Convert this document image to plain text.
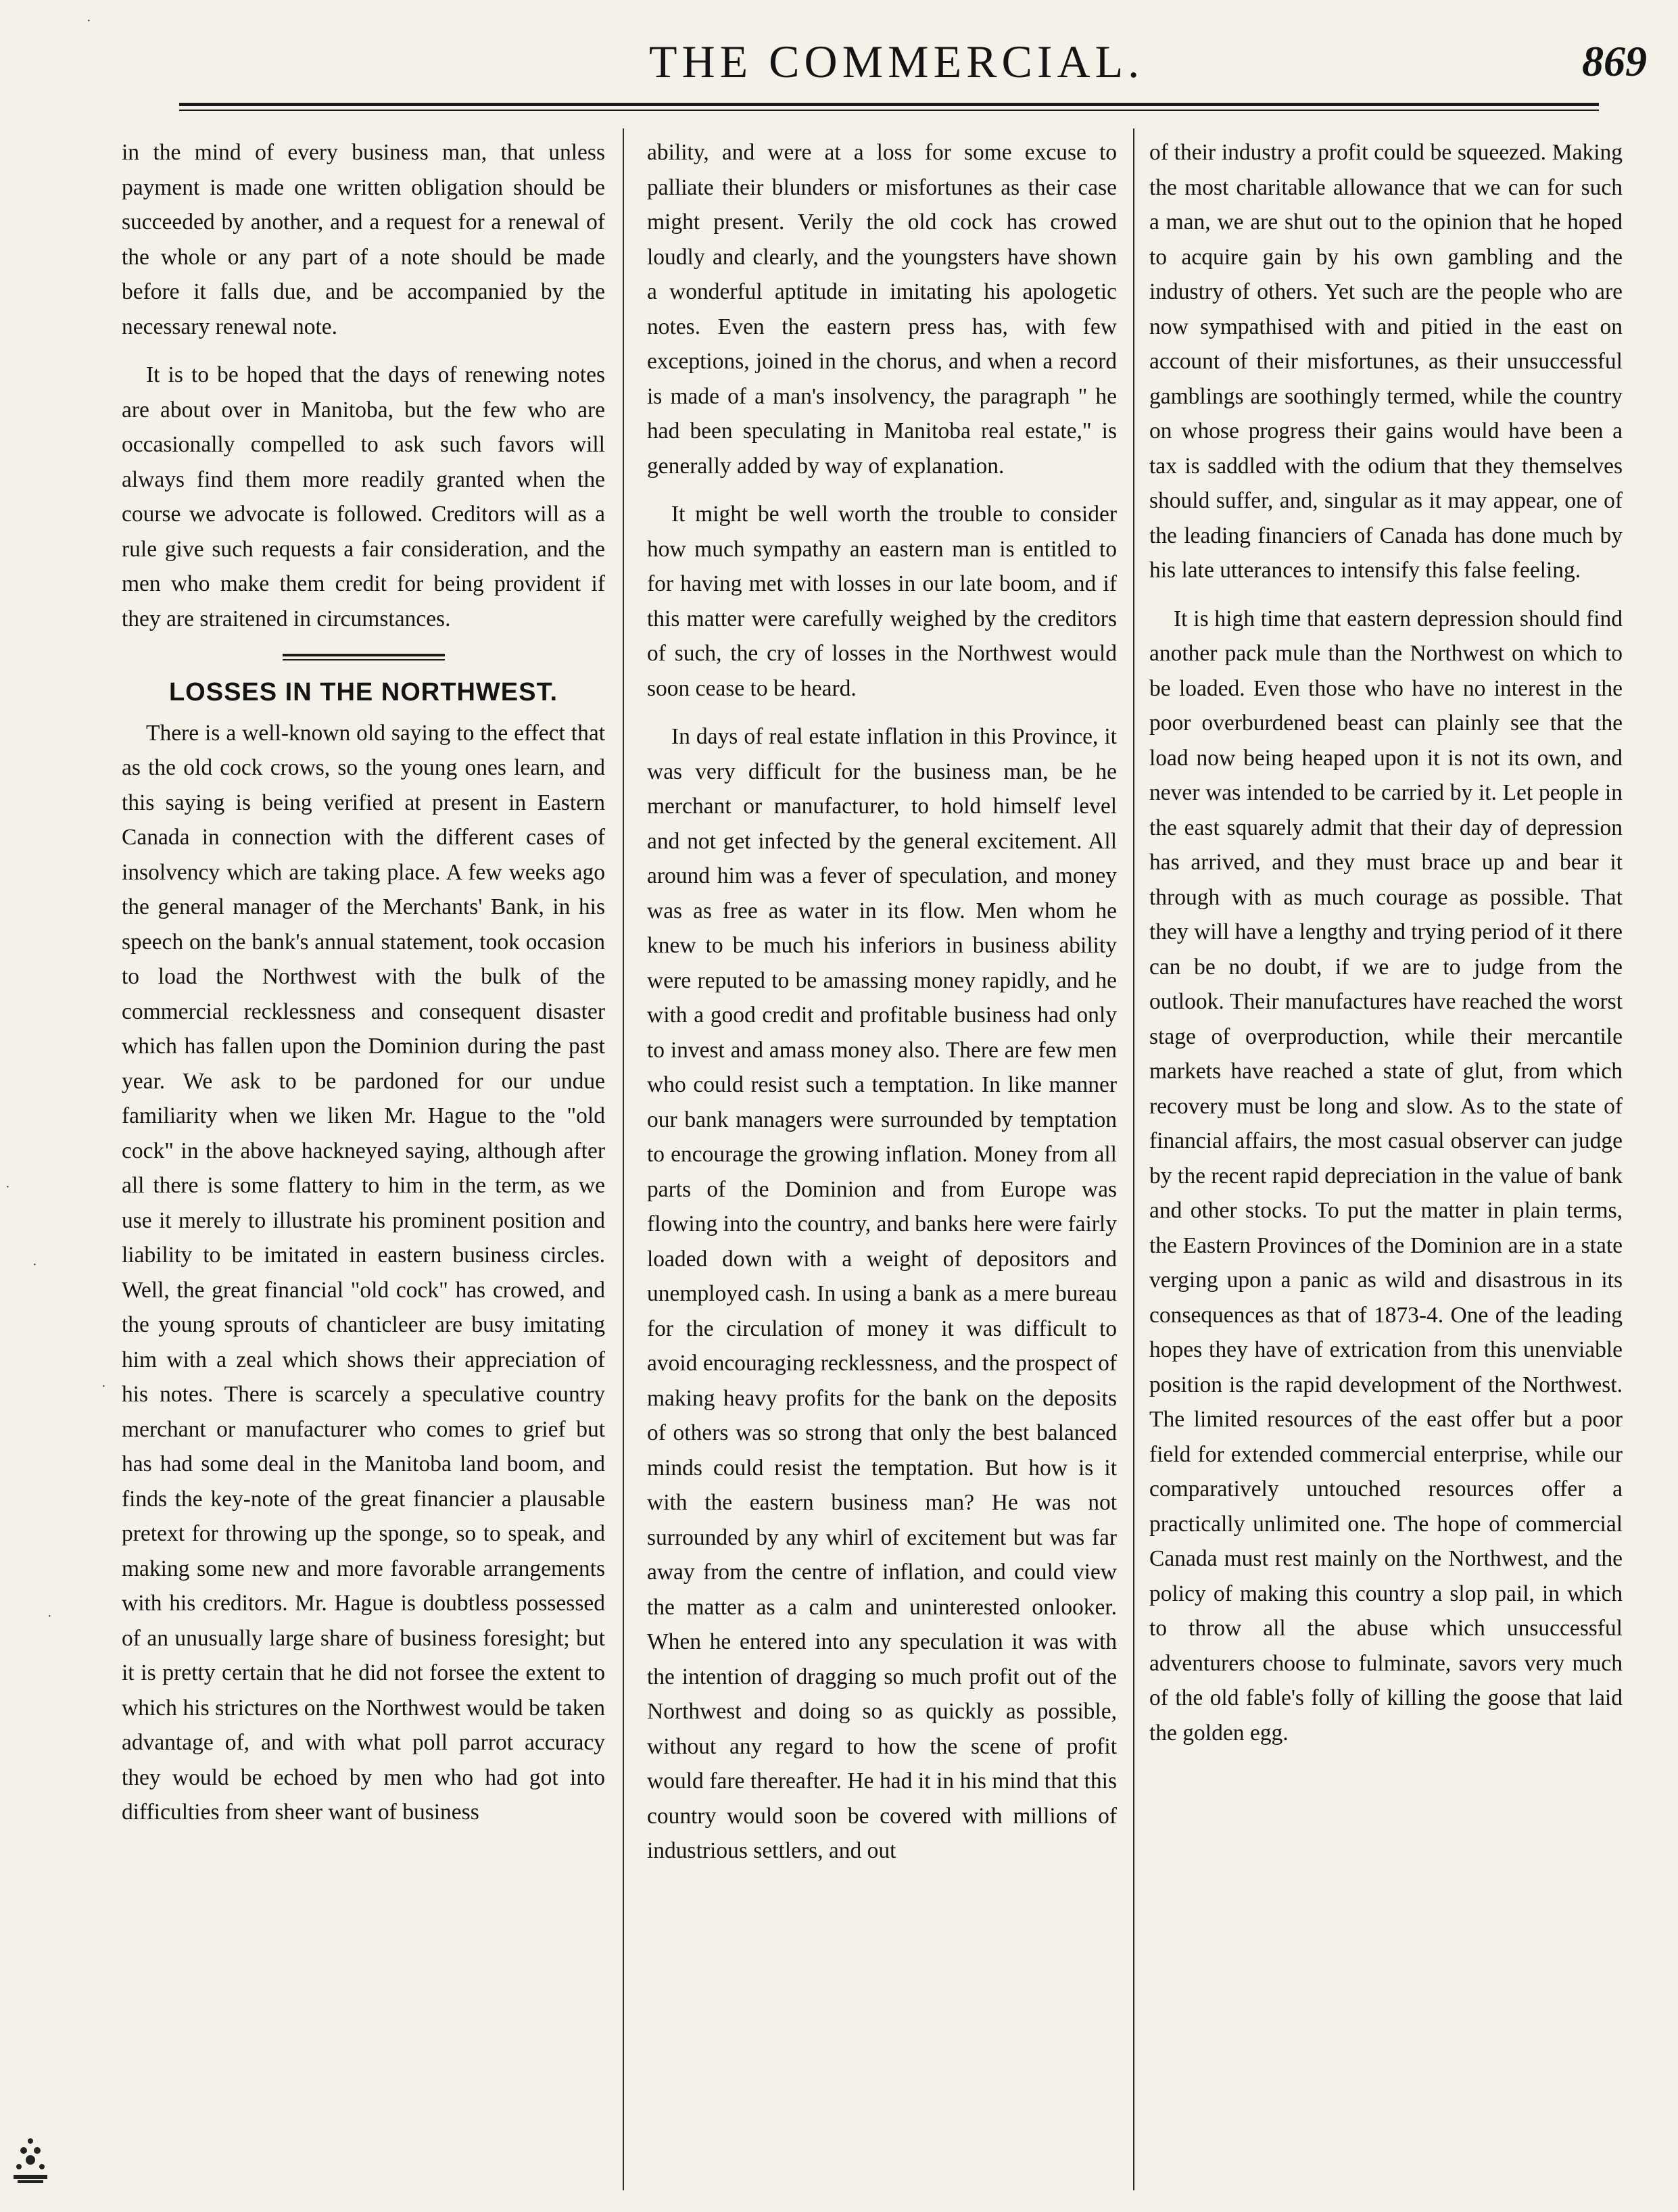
THE COMMERCIAL.	869

in the mind of every business man, that unless payment is made one written obligation should be succeeded by another, and a request for a renewal of the whole or any part of a note should be made before it falls due, and be accompanied by the necessary renewal note.

It is to be hoped that the days of renewing notes are about over in Manitoba, but the few who are occasionally compelled to ask such favors will always find them more readily granted when the course we advocate is followed. Creditors will as a rule give such requests a fair consideration, and the men who make them credit for being provident if they are straitened in circumstances.

LOSSES IN THE NORTHWEST.

There is a well-known old saying to the effect that as the old cock crows, so the young ones learn, and this saying is being verified at present in Eastern Canada in connection with the different cases of insolvency which are taking place. A few weeks ago the general manager of the Merchants' Bank, in his speech on the bank's annual statement, took occasion to load the Northwest with the bulk of the commercial recklessness and consequent disaster which has fallen upon the Dominion during the past year. We ask to be pardoned for our undue familiarity when we liken Mr. Hague to the "old cock" in the above hackneyed saying, although after all there is some flattery to him in the term, as we use it merely to illustrate his prominent position and liability to be imitated in eastern business circles. Well, the great financial "old cock" has crowed, and the young sprouts of chanticleer are busy imitating him with a zeal which shows their appreciation of his notes. There is scarcely a speculative country merchant or manufacturer who comes to grief but has had some deal in the Manitoba land boom, and finds the key-note of the great financier a plausable pretext for throwing up the sponge, so to speak, and making some new and more favorable arrangements with his creditors. Mr. Hague is doubtless possessed of an unusually large share of business foresight; but it is pretty certain that he did not forsee the extent to which his strictures on the Northwest would be taken advantage of, and with what poll parrot accuracy they would be echoed by men who had got into difficulties from sheer want of business

ability, and were at a loss for some excuse to palliate their blunders or misfortunes as their case might present. Verily the old cock has crowed loudly and clearly, and the youngsters have shown a wonderful aptitude in imitating his apologetic notes. Even the eastern press has, with few exceptions, joined in the chorus, and when a record is made of a man's insolvency, the paragraph " he had been speculating in Manitoba real estate," is generally added by way of explanation.

It might be well worth the trouble to consider how much sympathy an eastern man is entitled to for having met with losses in our late boom, and if this matter were carefully weighed by the creditors of such, the cry of losses in the Northwest would soon cease to be heard.

In days of real estate inflation in this Province, it was very difficult for the business man, be he merchant or manufacturer, to hold himself level and not get infected by the general excitement. All around him was a fever of speculation, and money was as free as water in its flow. Men whom he knew to be much his inferiors in business ability were reputed to be amassing money rapidly, and he with a good credit and profitable business had only to invest and amass money also. There are few men who could resist such a temptation. In like manner our bank managers were surrounded by temptation to encourage the growing inflation. Money from all parts of the Dominion and from Europe was flowing into the country, and banks here were fairly loaded down with a weight of depositors and unemployed cash. In using a bank as a mere bureau for the circulation of money it was difficult to avoid encouraging recklessness, and the prospect of making heavy profits for the bank on the deposits of others was so strong that only the best balanced minds could resist the temptation. But how is it with the eastern business man? He was not surrounded by any whirl of excitement but was far away from the centre of inflation, and could view the matter as a calm and uninterested onlooker. When he entered into any speculation it was with the intention of dragging so much profit out of the Northwest and doing so as quickly as possible, without any regard to how the scene of profit would fare thereafter. He had it in his mind that this country would soon be covered with millions of industrious settlers, and out

of their industry a profit could be squeezed. Making the most charitable allowance that we can for such a man, we are shut out to the opinion that he hoped to acquire gain by his own gambling and the industry of others. Yet such are the people who are now sympathised with and pitied in the east on account of their misfortunes, as their unsuccessful gamblings are soothingly termed, while the country on whose progress their gains would have been a tax is saddled with the odium that they themselves should suffer, and, singular as it may appear, one of the leading financiers of Canada has done much by his late utterances to intensify this false feeling.

It is high time that eastern depression should find another pack mule than the Northwest on which to be loaded. Even those who have no interest in the poor overburdened beast can plainly see that the load now being heaped upon it is not its own, and never was intended to be carried by it. Let people in the east squarely admit that their day of depression has arrived, and they must brace up and bear it through with as much courage as possible. That they will have a lengthy and trying period of it there can be no doubt, if we are to judge from the outlook. Their manufactures have reached the worst stage of overproduction, while their mercantile markets have reached a state of glut, from which recovery must be long and slow. As to the state of financial affairs, the most casual observer can judge by the recent rapid depreciation in the value of bank and other stocks. To put the matter in plain terms, the Eastern Provinces of the Dominion are in a state verging upon a panic as wild and disastrous in its consequences as that of 1873-4. One of the leading hopes they have of extrication from this unenviable position is the rapid development of the Northwest. The limited resources of the east offer but a poor field for extended commercial enterprise, while our comparatively untouched resources offer a practically unlimited one. The hope of commercial Canada must rest mainly on the Northwest, and the policy of making this country a slop pail, in which to throw all the abuse which unsuccessful adventurers choose to fulminate, savors very much of the old fable's folly of killing the goose that laid the golden egg.

·
·
·
·
·
